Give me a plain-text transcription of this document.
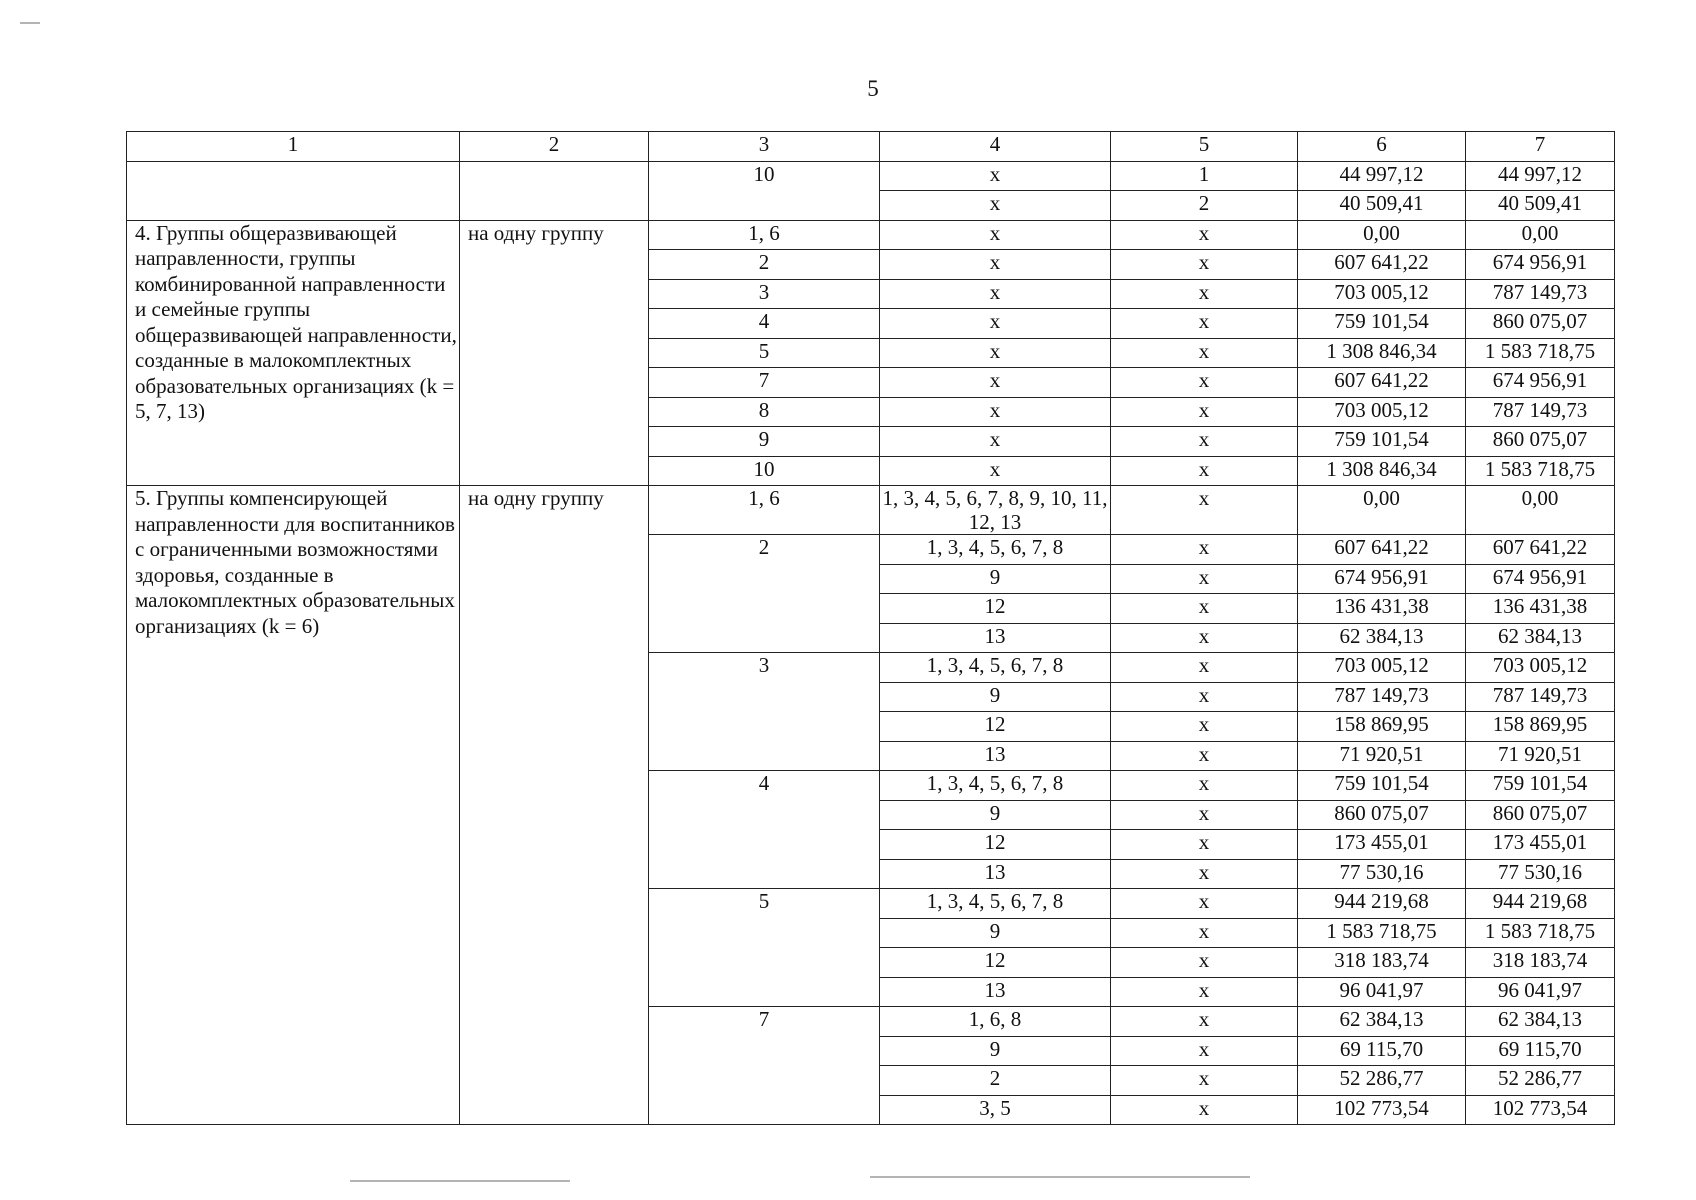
5
1	2	3	4	5	6	7
		10	x	1	44 997,12	44 997,12
			x	2	40 509,41	40 509,41
4. Группы общеразвивающей направленности, группы комбинированной направленности и семейные группы общеразвивающей направленности, созданные в малокомплектных образовательных организациях (k = 5, 7, 13)	на одну группу	1, 6	x	x	0,00	0,00
		2	x	x	607 641,22	674 956,91
		3	x	x	703 005,12	787 149,73
		4	x	x	759 101,54	860 075,07
		5	x	x	1 308 846,34	1 583 718,75
		7	x	x	607 641,22	674 956,91
		8	x	x	703 005,12	787 149,73
		9	x	x	759 101,54	860 075,07
		10	x	x	1 308 846,34	1 583 718,75
5. Группы компенсирующей направленности для воспитанников с ограниченными возможностями здоровья, созданные в малокомплектных образовательных организациях (k = 6)	на одну группу	1, 6	1, 3, 4, 5, 6, 7, 8, 9, 10, 11, 12, 13	x	0,00	0,00
		2	1, 3, 4, 5, 6, 7, 8	x	607 641,22	607 641,22
			9	x	674 956,91	674 956,91
			12	x	136 431,38	136 431,38
			13	x	62 384,13	62 384,13
		3	1, 3, 4, 5, 6, 7, 8	x	703 005,12	703 005,12
			9	x	787 149,73	787 149,73
			12	x	158 869,95	158 869,95
			13	x	71 920,51	71 920,51
		4	1, 3, 4, 5, 6, 7, 8	x	759 101,54	759 101,54
			9	x	860 075,07	860 075,07
			12	x	173 455,01	173 455,01
			13	x	77 530,16	77 530,16
		5	1, 3, 4, 5, 6, 7, 8	x	944 219,68	944 219,68
			9	x	1 583 718,75	1 583 718,75
			12	x	318 183,74	318 183,74
			13	x	96 041,97	96 041,97
		7	1, 6, 8	x	62 384,13	62 384,13
			9	x	69 115,70	69 115,70
			2	x	52 286,77	52 286,77
			3, 5	x	102 773,54	102 773,54
